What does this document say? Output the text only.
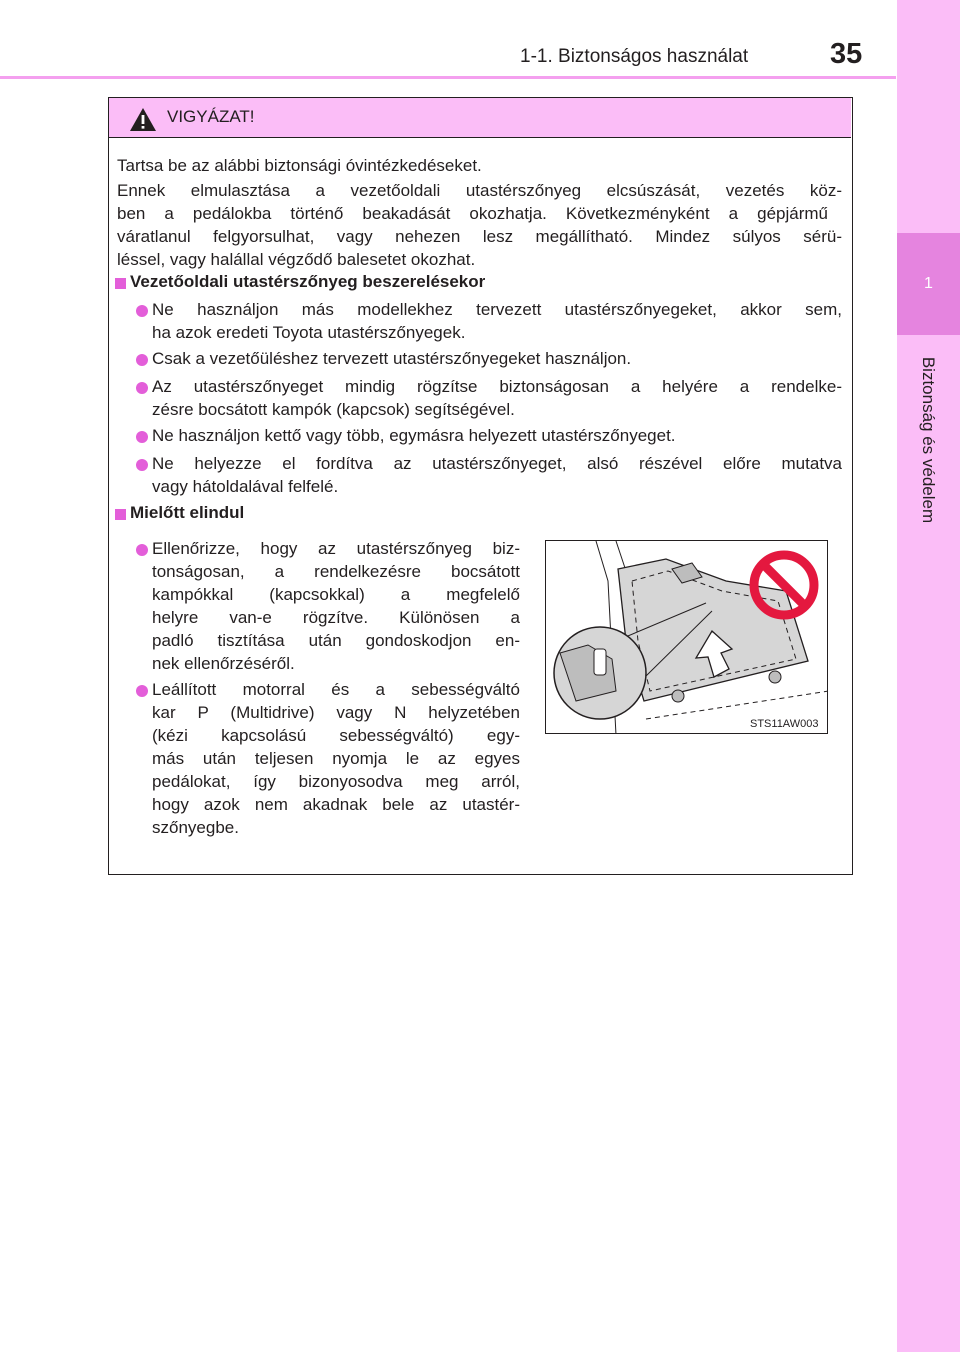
1-1. Biztonságos használat	35
1
Biztonság és védelem
VIGYÁZAT!
Tartsa be az alábbi biztonsági óvintézkedéseket.
Ennek elmulasztása a vezetőoldali utastérszőnyeg elcsúszását, vezetés köz-
ben a pedálokba történő beakadását okozhatja. Következményként a gépjármű
váratlanul felgyorsulhat, vagy nehezen lesz megállítható. Mindez súlyos sérü-
léssel, vagy halállal végződő balesetet okozhat.
Vezetőoldali utastérszőnyeg beszerelésekor
Ne használjon más modellekhez tervezett utastérszőnyegeket, akkor sem,
ha azok eredeti Toyota utastérszőnyegek.
Csak a vezetőüléshez tervezett utastérszőnyegeket használjon.
Az utastérszőnyeget mindig rögzítse biztonságosan a helyére a rendelke-
zésre bocsátott kampók (kapcsok) segítségével.
Ne használjon kettő vagy több, egymásra helyezett utastérszőnyeget.
Ne helyezze el fordítva az utastérszőnyeget, alsó részével előre mutatva
vagy hátoldalával felfelé.
Mielőtt elindul
Ellenőrizze, hogy az utastérszőnyeg biz-
tonságosan, a rendelkezésre bocsátott
kampókkal (kapcsokkal) a megfelelő
helyre van-e rögzítve. Különösen a
padló tisztítása után gondoskodjon en-
nek ellenőrzéséről.
Leállított motorral és a sebességváltó
kar P (Multidrive) vagy N helyzetében
(kézi kapcsolású sebességváltó) egy-
más után teljesen nyomja le az egyes
pedálokat, így bizonyosodva meg arról,
hogy azok nem akadnak bele az utastér-
szőnyegbe.
STS11AW003
